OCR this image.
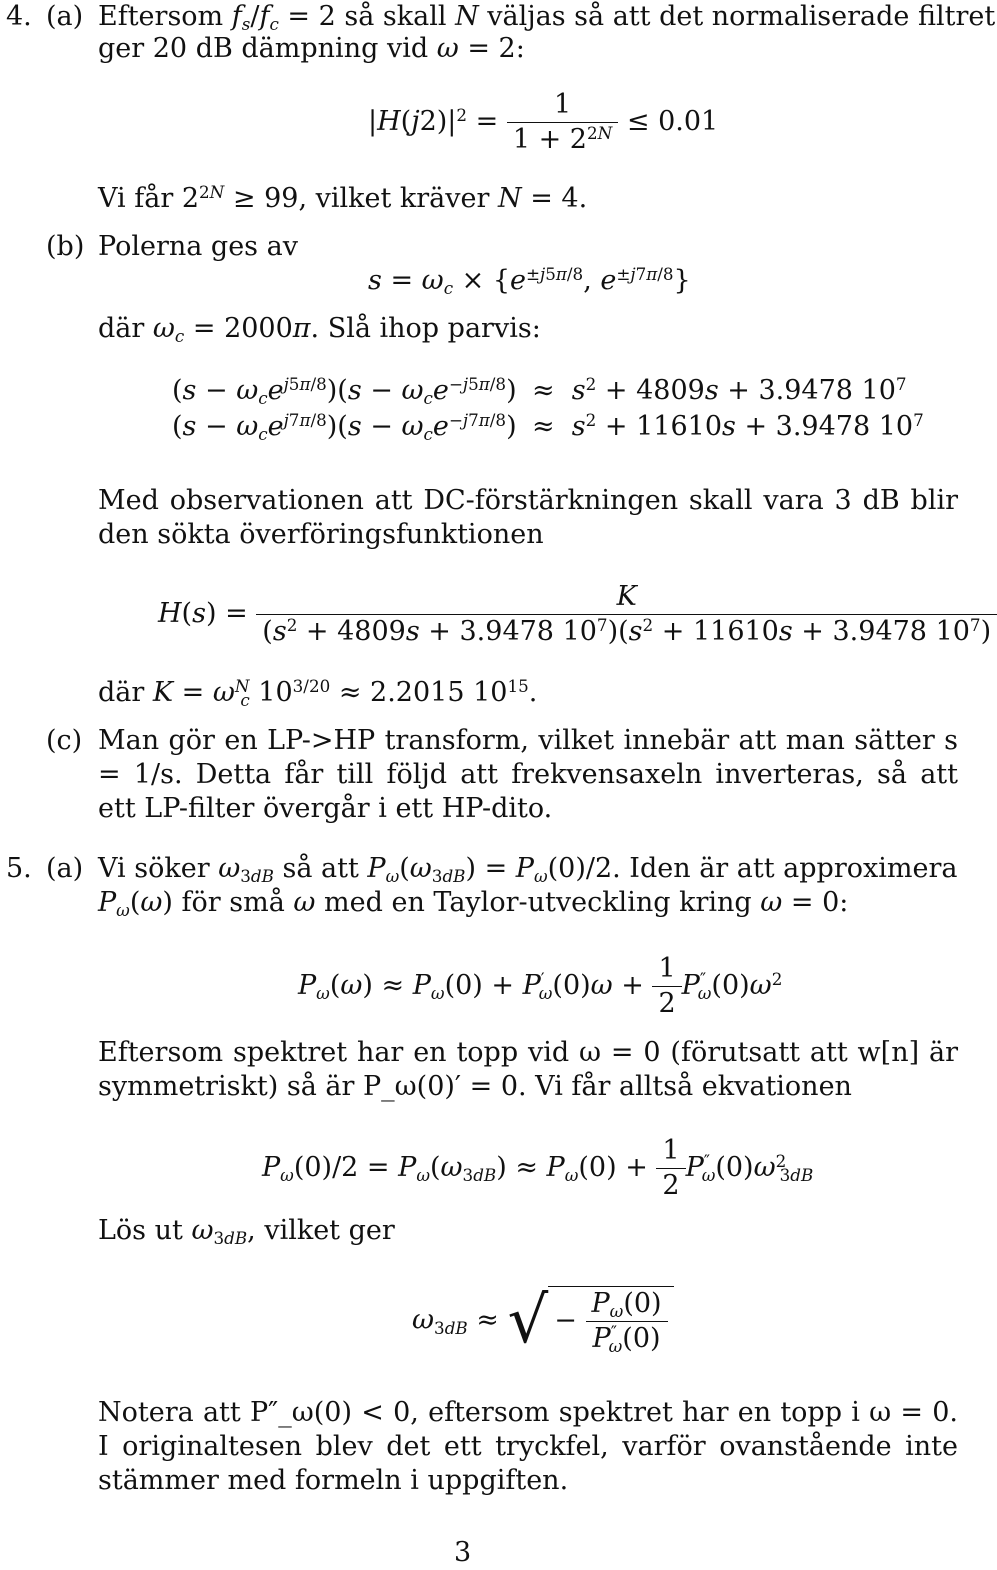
4. (a) Eftersom $f_s/f_c = 2$ så skall N väljas så att det normaliserade filtret
ger 20 dB dämpning vid ω = 2:
$|H(j2)|^2 = \frac{1}{1 + 2^{2N}} \le 0.01$
Vi får $2^{2N} \ge 99$, vilket kräver N = 4.
(b) Polerna ges av
$s = \omega_c \times \{e^{\pm j5\pi/8}$, $e^{\pm j7\pi/8}$}
där $\omega_c = 2000\pi$. Slå ihop parvis:
$(s - \omega_ce^{j5\pi/8})(s - \omega_ce^{-j5\pi/8}) \approx s^2 + 4809s + 3.9478$ $10^7$
$(s - \omega_ce^{j7\pi/8})(s - \omega_ce^{-j7\pi/8}) \approx s^2 + 11610s + 3.9478$ $10^7$
Med observationen att DC-förstärkningen skall vara 3 dB blir den sökta överföringsfunktionen
$H(s) = \frac{K}{(s^2 + 4809s + 3.9478 10^7)(s^2 + 11610s + 3.9478 10^7)}$
där $K = \omega^N_c$ $10^{3/20} \approx 2.2015$ $10^{15}$.
(c) Man gör en LP->HP transform, vilket innebär att man sätter s = 1/s. Detta får till följd att frekvensaxeln inverteras, så att ett LP-filter övergår i ett HP-dito.
5. (a) Vi söker $\omega_{3dB}$ så att $P_\omega(\omega_{3dB}) = P_\omega(0)/2$. Iden är att approximera
$P_\omega(\omega)$ för små ω med en Taylor-utveckling kring ω = 0:
$P_\omega(\omega) \approx P_\omega(0) + P'_\omega(0)\omega + \frac{1}{2} P''_\omega(0)\omega^2$
Eftersom spektret har en topp vid ω = 0 (förutsatt att w[n] är symmetriskt) så är P_ω(0)′ = 0. Vi får alltså ekvationen
$P_\omega(0)/2 = P_\omega(\omega_{3dB}) \approx P_\omega(0) + \frac{1}{2} P''_\omega(0)\omega^2_{3dB}$
Lös ut $\omega_{3dB}$, vilket ger
$\omega_{3dB}$ ≈ √ − $\frac{P_\omega(0)}{P''_\omega(0)}$
Notera att P″_ω(0) < 0, eftersom spektret har en topp i ω = 0. I originaltesen blev det ett tryckfel, varför ovanstående inte stämmer med formeln i uppgiften.
3
